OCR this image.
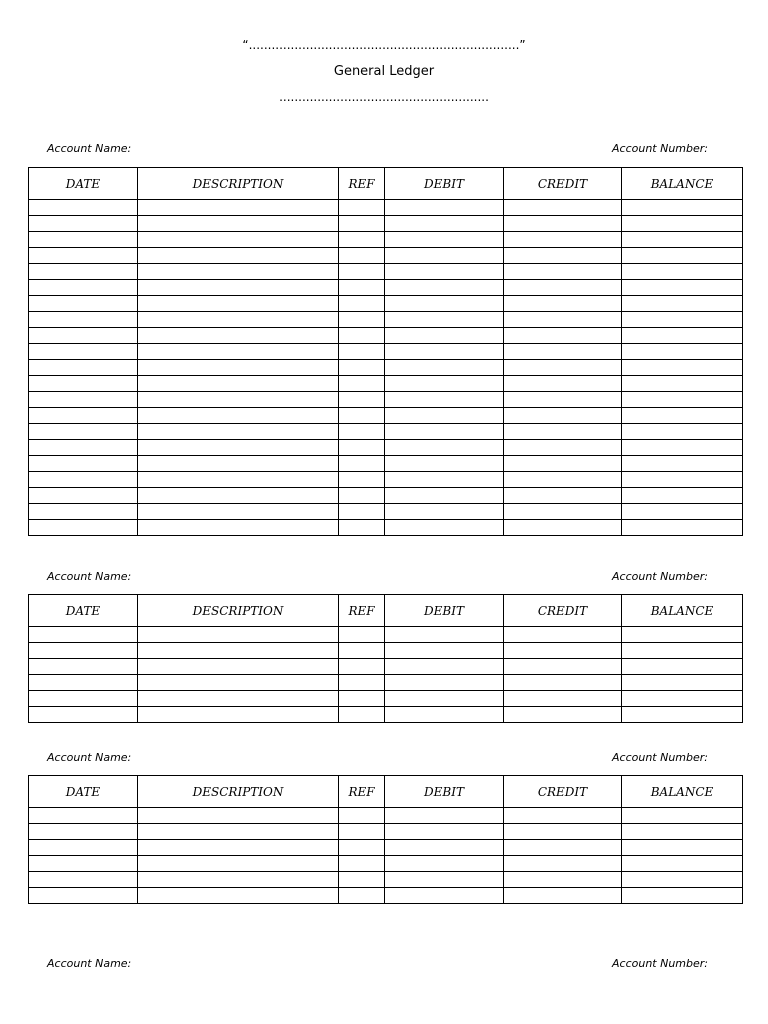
“.......................................................................”
General Ledger
.......................................................
Account Name:	Account Number:
DATE	DESCRIPTION	REF	DEBIT	CREDIT	BALANCE

Account Name:	Account Number:
DATE	DESCRIPTION	REF	DEBIT	CREDIT	BALANCE

Account Name:	Account Number:
DATE	DESCRIPTION	REF	DEBIT	CREDIT	BALANCE

Account Name:	Account Number:
